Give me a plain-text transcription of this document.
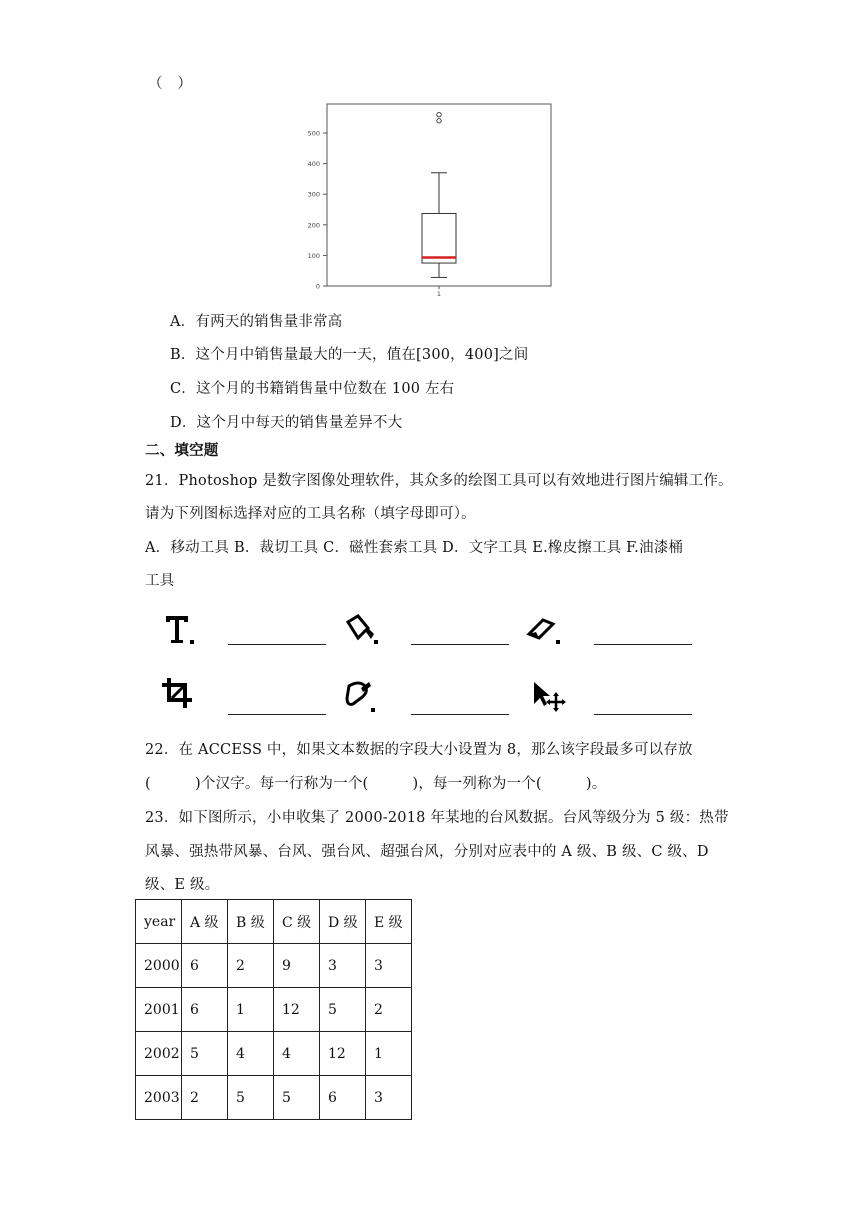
（　）
0
100
200
300
400
500
1
A．有两天的销售量非常高
B．这个月中销售量最大的一天，值在[300，400]之间
C．这个月的书籍销售量中位数在 100 左右
D．这个月中每天的销售量差异不大
二、填空题
21．Photoshop 是数字图像处理软件，其众多的绘图工具可以有效地进行图片编辑工作。
请为下列图标选择对应的工具名称（填字母即可）。
A．移动工具 B．裁切工具 C．磁性套索工具 D．文字工具 E.橡皮擦工具 F.油漆桶
工具
22．在 ACCESS 中，如果文本数据的字段大小设置为 8，那么该字段最多可以存放
(　　　)个汉字。每一行称为一个(　　　)，每一列称为一个(　　　)。
23．如下图所示，小申收集了 2000-2018 年某地的台风数据。台风等级分为 5 级：热带
风暴、强热带风暴、台风、强台风、超强台风，分别对应表中的 A 级、B 级、C 级、D
级、E 级。
year	A 级	B 级	C 级	D 级	E 级
2000	6	2	9	3	3
2001	6	1	12	5	2
2002	5	4	4	12	1
2003	2	5	5	6	3
